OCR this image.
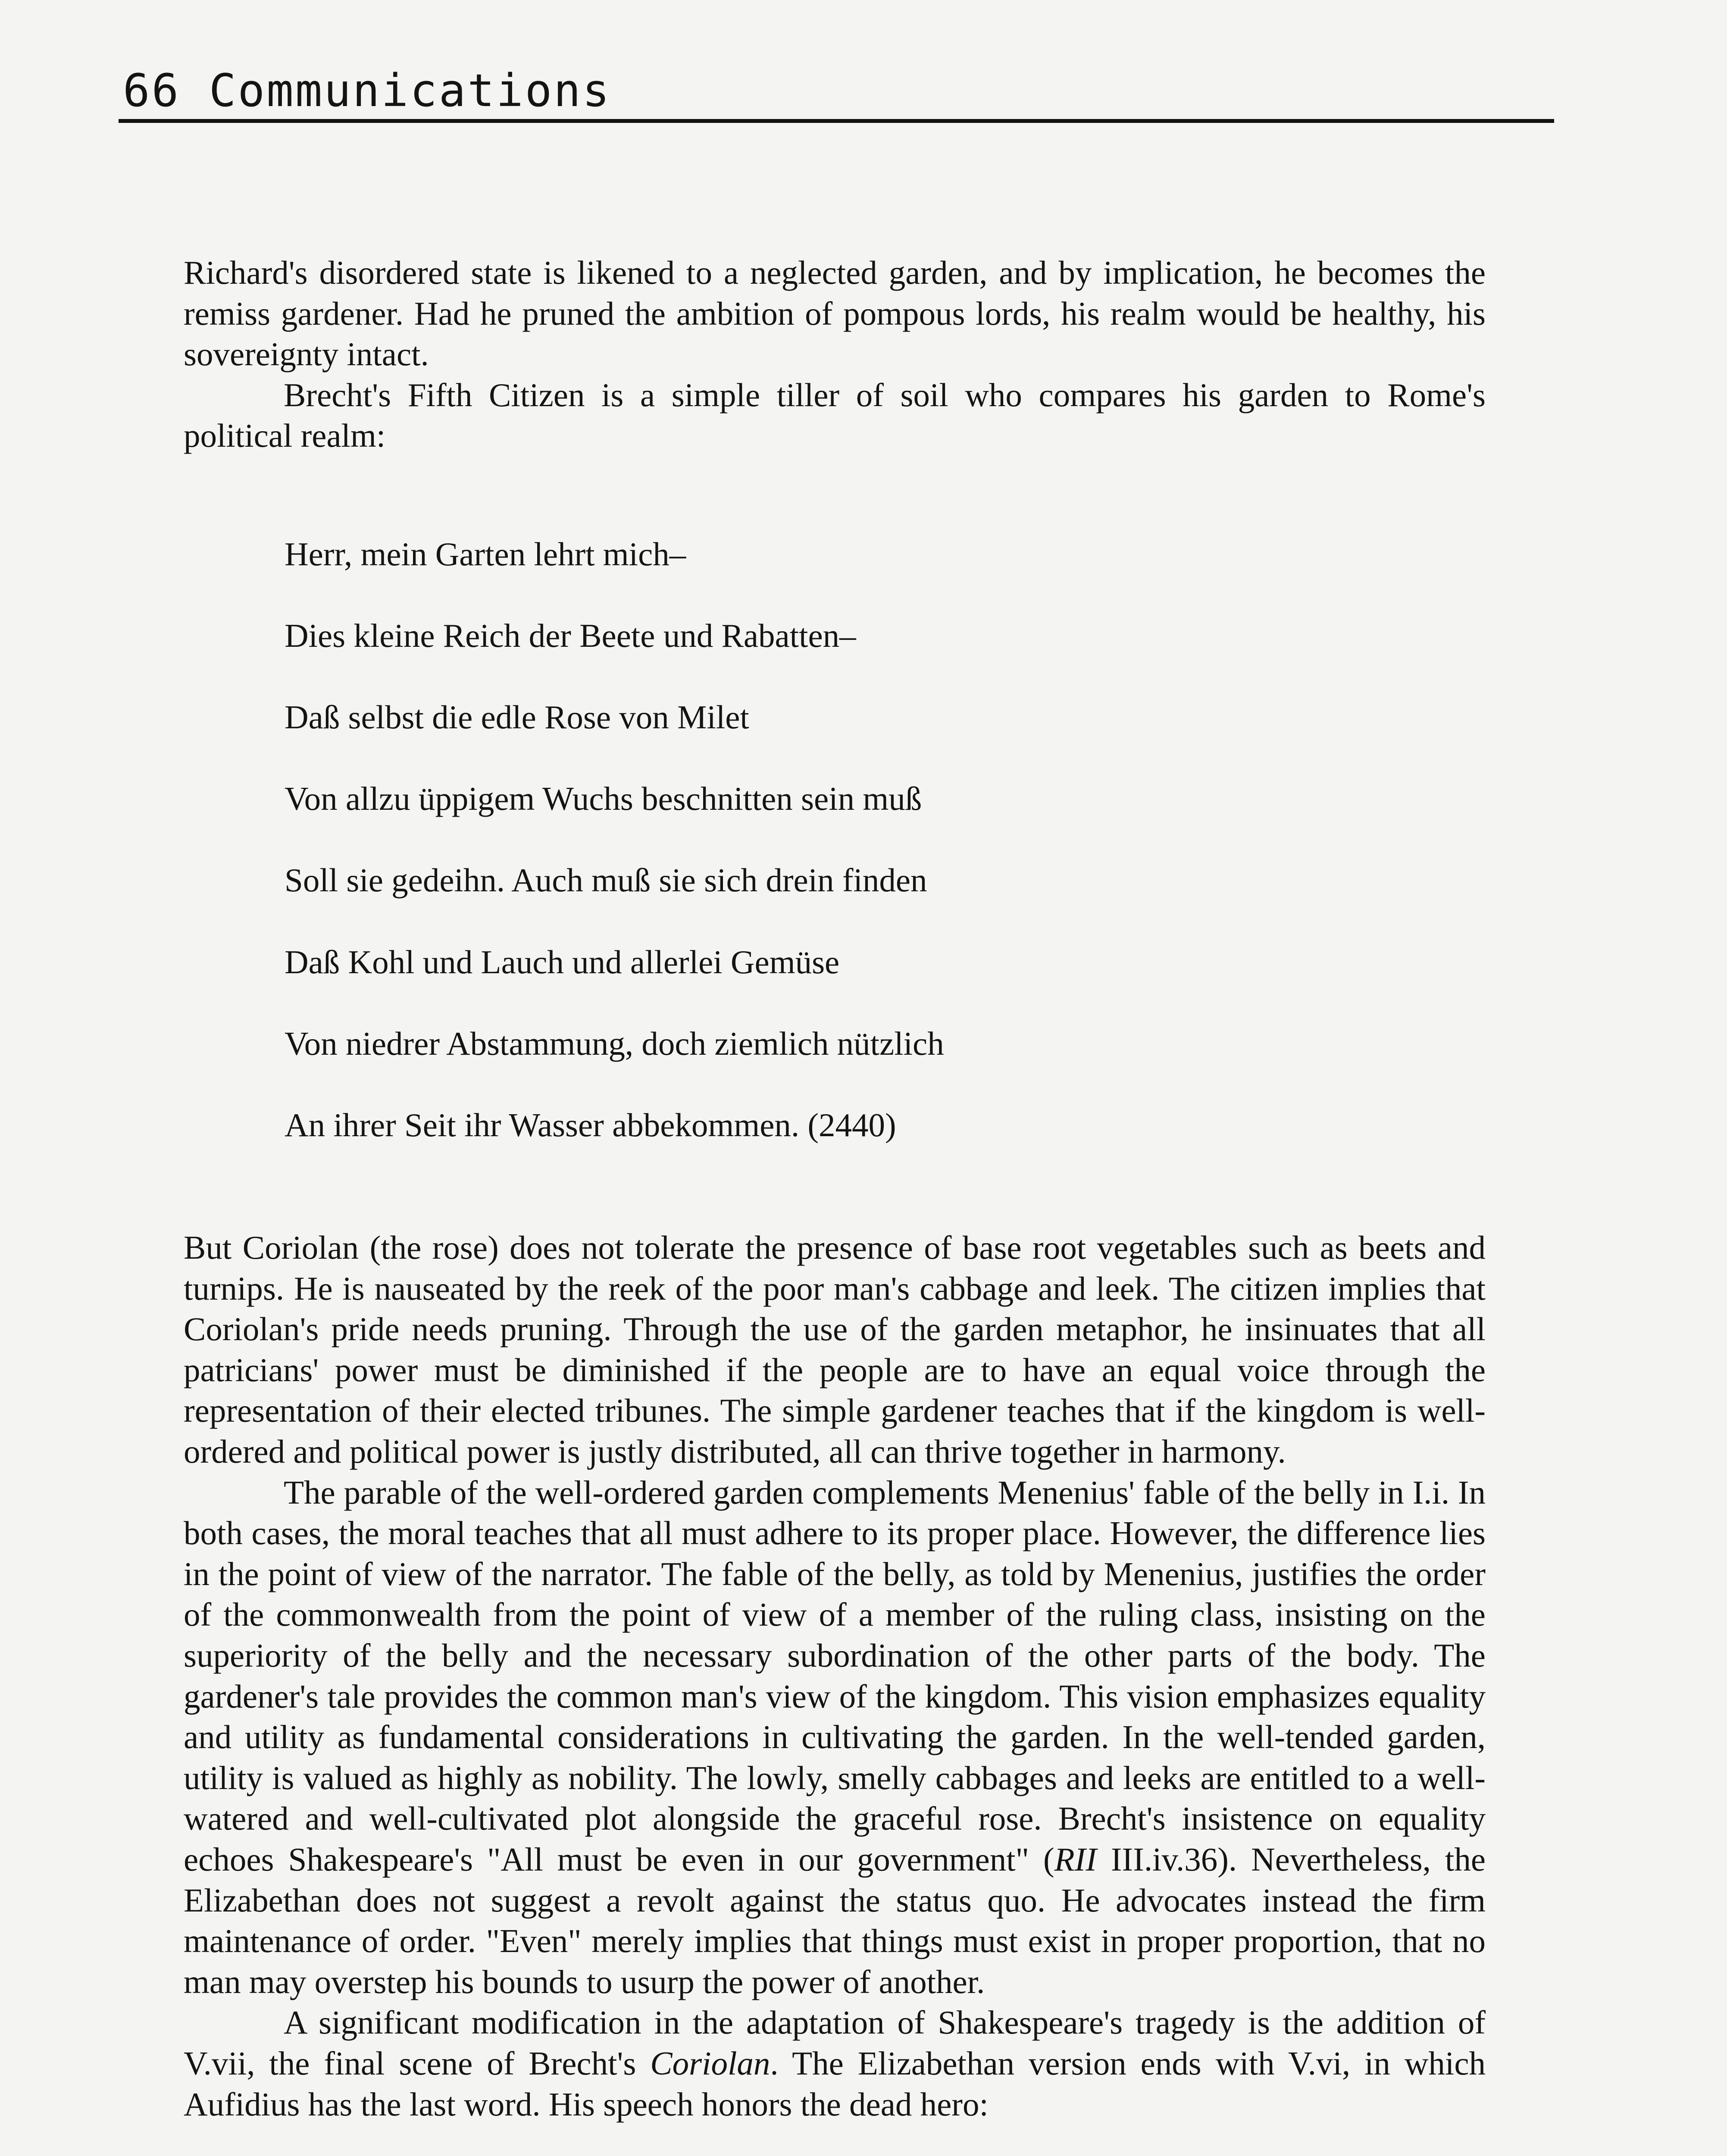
66 Communications

Richard's disordered state is likened to a neglected garden, and by implication, he becomes the remiss gardener. Had he pruned the ambition of pompous lords, his realm would be healthy, his sovereignty intact.

Brecht's Fifth Citizen is a simple tiller of soil who compares his garden to Rome's political realm:

Herr, mein Garten lehrt mich–

Dies kleine Reich der Beete und Rabatten–

Daß selbst die edle Rose von Milet

Von allzu üppigem Wuchs beschnitten sein muß

Soll sie gedeihn. Auch muß sie sich drein finden

Daß Kohl und Lauch und allerlei Gemüse

Von niedrer Abstammung, doch ziemlich nützlich

An ihrer Seit ihr Wasser abbekommen. (2440)

But Coriolan (the rose) does not tolerate the presence of base root vegetables such as beets and turnips. He is nauseated by the reek of the poor man's cabbage and leek. The citizen implies that Coriolan's pride needs pruning. Through the use of the garden metaphor, he insinuates that all patricians' power must be diminished if the people are to have an equal voice through the representation of their elected tribunes. The simple gardener teaches that if the kingdom is well-ordered and political power is justly distributed, all can thrive together in harmony.

The parable of the well-ordered garden complements Menenius' fable of the belly in I.i. In both cases, the moral teaches that all must adhere to its proper place. However, the difference lies in the point of view of the narrator. The fable of the belly, as told by Menenius, justifies the order of the commonwealth from the point of view of a member of the ruling class, insisting on the superiority of the belly and the necessary subordination of the other parts of the body. The gardener's tale provides the common man's view of the kingdom. This vision emphasizes equality and utility as fundamental considerations in cultivating the garden. In the well-tended garden, utility is valued as highly as nobility. The lowly, smelly cabbages and leeks are entitled to a well-watered and well-cultivated plot alongside the graceful rose. Brecht's insistence on equality echoes Shakespeare's "All must be even in our government" (RII III.iv.36). Nevertheless, the Elizabethan does not suggest a revolt against the status quo. He advocates instead the firm maintenance of order. "Even" merely implies that things must exist in proper proportion, that no man may overstep his bounds to usurp the power of another.

A significant modification in the adaptation of Shakespeare's tragedy is the addition of V.vii, the final scene of Brecht's Coriolan. The Elizabethan version ends with V.vi, in which Aufidius has the last word. His speech honors the dead hero:
